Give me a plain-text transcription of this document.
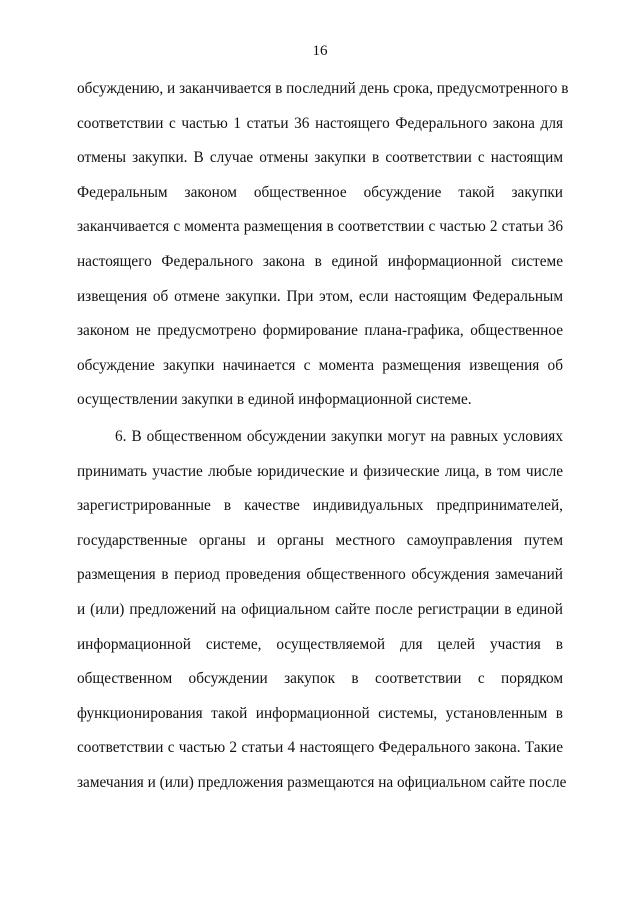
16
обсуждению, и заканчивается в последний день срока, предусмотренного в
соответствии с частью 1 статьи 36 настоящего Федерального закона для
отмены закупки. В случае отмены закупки в соответствии с настоящим
Федеральным законом общественное обсуждение такой закупки
заканчивается с момента размещения в соответствии с частью 2 статьи 36
настоящего Федерального закона в единой информационной системе
извещения об отмене закупки. При этом, если настоящим Федеральным
законом не предусмотрено формирование плана-графика, общественное
обсуждение закупки начинается с момента размещения извещения об
осуществлении закупки в единой информационной системе.
6. В общественном обсуждении закупки могут на равных условиях
принимать участие любые юридические и физические лица, в том числе
зарегистрированные в качестве индивидуальных предпринимателей,
государственные органы и органы местного самоуправления путем
размещения в период проведения общественного обсуждения замечаний
и (или) предложений на официальном сайте после регистрации в единой
информационной системе, осуществляемой для целей участия в
общественном обсуждении закупок в соответствии с порядком
функционирования такой информационной системы, установленным в
соответствии с частью 2 статьи 4 настоящего Федерального закона. Такие
замечания и (или) предложения размещаются на официальном сайте после
